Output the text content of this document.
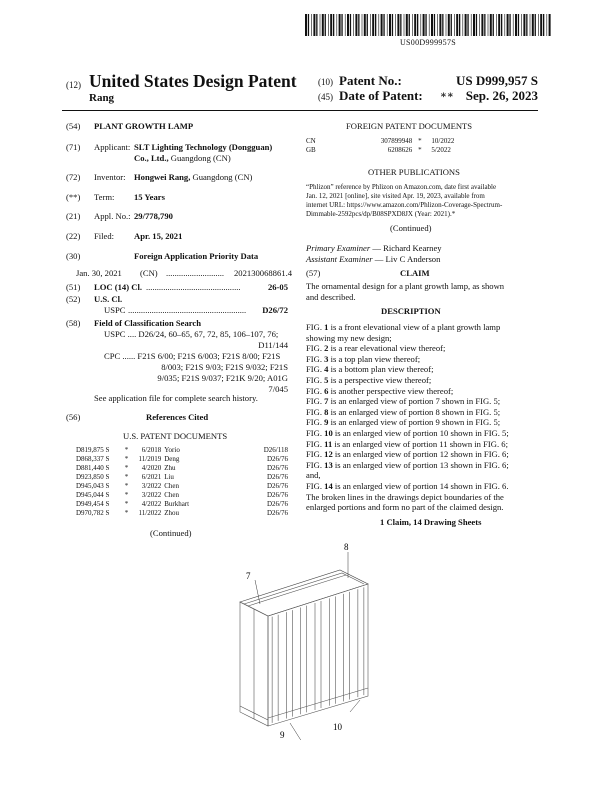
US00D999957S
(12) United States Design Patent
Rang
(10) Patent No.:	US D999,957 S
(45) Date of Patent: ∗∗ Sep. 26, 2023
(54)	PLANT GROWTH LAMP
(71)	Applicant: SLT Lighting Technology (Dongguan)
Co., Ltd., Guangdong (CN)
(72)	Inventor: Hongwei Rang, Guangdong (CN)
(**)	Term: 15 Years
(21)	Appl. No.: 29/778,790
(22)	Filed: Apr. 15, 2021
(30)	Foreign Application Priority Data
Jan. 30, 2021 (CN) ........................... 202130068861.4
(51)	LOC (14) Cl. ............................................	26-05
(52)	U.S. Cl.
USPC .......................................................	D26/72
(58)	Field of Classification Search
USPC .... D26/24, 60–65, 67, 72, 85, 106–107, 76;
D11/144
CPC ...... F21S 6/00; F21S 6/003; F21S 8/00; F21S
8/003; F21S 9/03; F21S 9/032; F21S
9/035; F21S 9/037; F21K 9/20; A01G
7/045
See application file for complete search history.
(56)	References Cited
U.S. PATENT DOCUMENTS
D819,875 S	*	6/2018	Yorio	D26/118
D868,337 S	*	11/2019	Deng	D26/76
D881,440 S	*	4/2020	Zhu	D26/76
D923,850 S	*	6/2021	Liu	D26/76
D945,043 S	*	3/2022	Chen	D26/76
D945,044 S	*	3/2022	Chen	D26/76
D949,454 S	*	4/2022	Burkhart	D26/76
D970,782 S	*	11/2022	Zhou	D26/76
(Continued)
FOREIGN PATENT DOCUMENTS
CN	307899948	*	10/2022
GB	6208626	*	5/2022
OTHER PUBLICATIONS
“Phlizon” reference by Phlizon on Amazon.com, date first available
Jan. 12, 2021 [online], site visited Apr. 19, 2023, available from
internet URL: https://www.amazon.com/Phlizon-Coverage-Spectrum-
Dimmable-2592pcs/dp/B08SPXD8JX (Year: 2021).*
(Continued)
Primary Examiner — Richard Kearney
Assistant Examiner — Liv C Anderson
(57)	CLAIM
The ornamental design for a plant growth lamp, as shown
and described.
DESCRIPTION
FIG. 1 is a front elevational view of a plant growth lamp
showing my new design;
FIG. 2 is a rear elevational view thereof;
FIG. 3 is a top plan view thereof;
FIG. 4 is a bottom plan view thereof;
FIG. 5 is a perspective view thereof;
FIG. 6 is another perspective view thereof;
FIG. 7 is an enlarged view of portion 7 shown in FIG. 5;
FIG. 8 is an enlarged view of portion 8 shown in FIG. 5;
FIG. 9 is an enlarged view of portion 9 shown in FIG. 5;
FIG. 10 is an enlarged view of portion 10 shown in FIG. 5;
FIG. 11 is an enlarged view of portion 11 shown in FIG. 6;
FIG. 12 is an enlarged view of portion 12 shown in FIG. 6;
FIG. 13 is an enlarged view of portion 13 shown in FIG. 6;
and,
FIG. 14 is an enlarged view of portion 14 shown in FIG. 6.
The broken lines in the drawings depict boundaries of the
enlarged portions and form no part of the claimed design.
1 Claim, 14 Drawing Sheets
7
8
10
9
